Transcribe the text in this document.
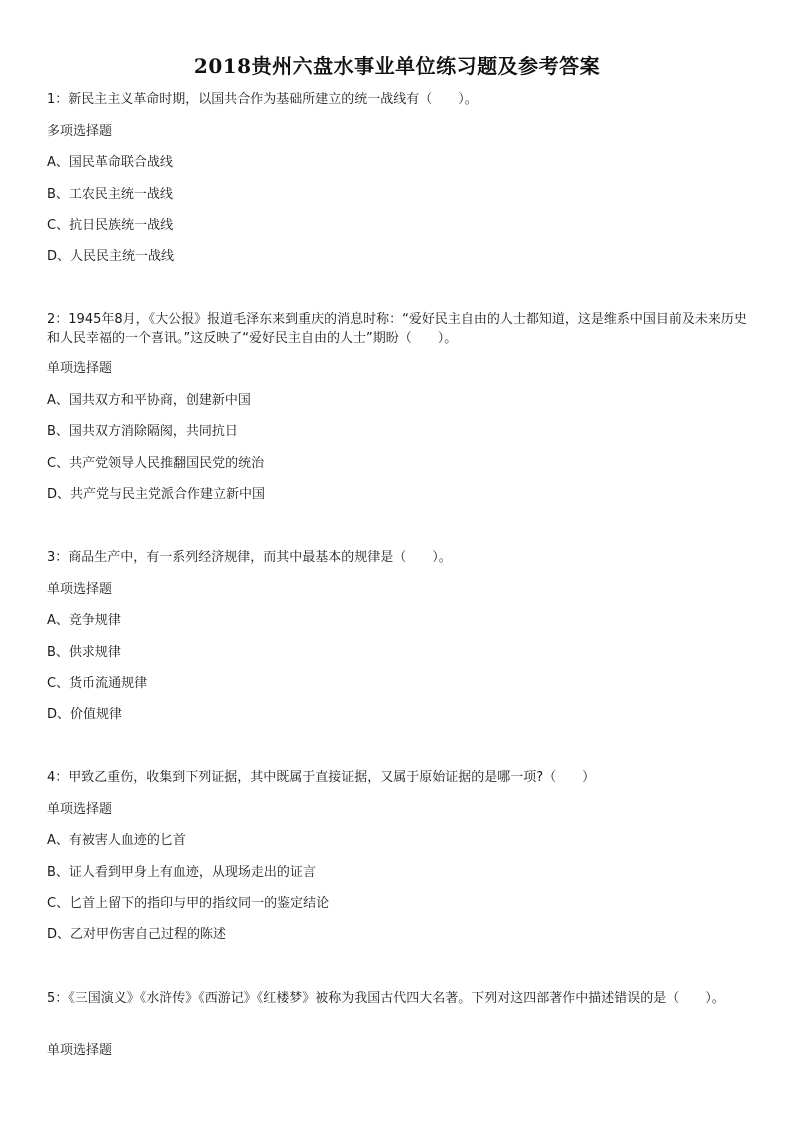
2018贵州六盘水事业单位练习题及参考答案

1：新民主主义革命时期，以国共合作为基础所建立的统一战线有（　　）。

多项选择题

A、国民革命联合战线

B、工农民主统一战线

C、抗日民族统一战线

D、人民民主统一战线

2：1945年8月，《大公报》报道毛泽东来到重庆的消息时称：“爱好民主自由的人士都知道，这是维系中国目前及未来历史和人民幸福的一个喜讯。”这反映了“爱好民主自由的人士”期盼（　　）。

单项选择题

A、国共双方和平协商，创建新中国

B、国共双方消除隔阂，共同抗日

C、共产党领导人民推翻国民党的统治

D、共产党与民主党派合作建立新中国

3：商品生产中，有一系列经济规律，而其中最基本的规律是（　　）。

单项选择题

A、竞争规律

B、供求规律

C、货币流通规律

D、价值规律

4：甲致乙重伤，收集到下列证据，其中既属于直接证据，又属于原始证据的是哪一项?（　　）

单项选择题

A、有被害人血迹的匕首

B、证人看到甲身上有血迹，从现场走出的证言

C、匕首上留下的指印与甲的指纹同一的鉴定结论

D、乙对甲伤害自己过程的陈述

5：《三国演义》《水浒传》《西游记》《红楼梦》被称为我国古代四大名著。下列对这四部著作中描述错误的是（　　）。

单项选择题
